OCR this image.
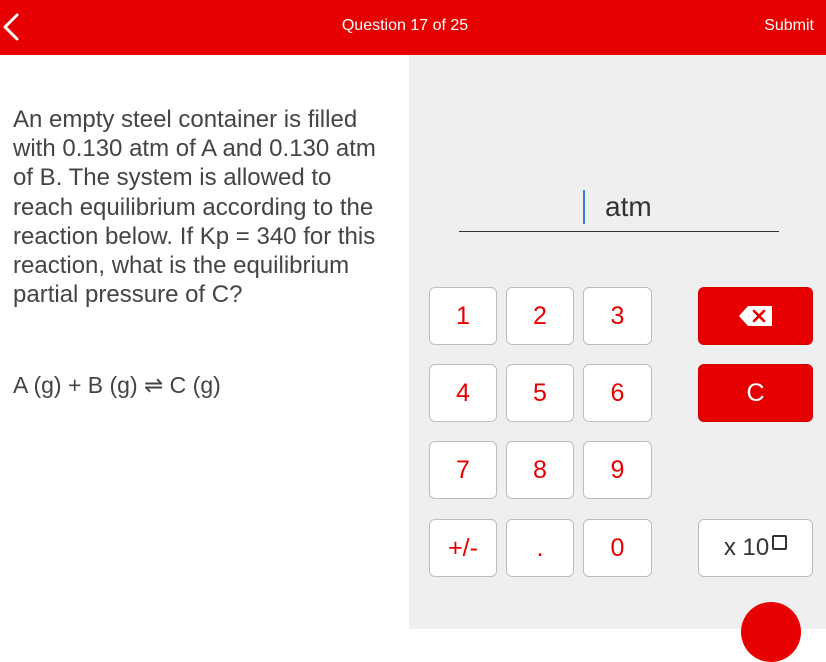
Question 17 of 25	Submit
An empty steel container is filled with 0.130 atm of A and 0.130 atm of B. The system is allowed to reach equilibrium according to the reaction below. If Kp = 340 for this reaction, what is the equilibrium partial pressure of C?
A (g) + B (g) ⇌ C (g)
atm
1	2	3
4	5	6
7	8	9
+/-	.	0
C
x 10
